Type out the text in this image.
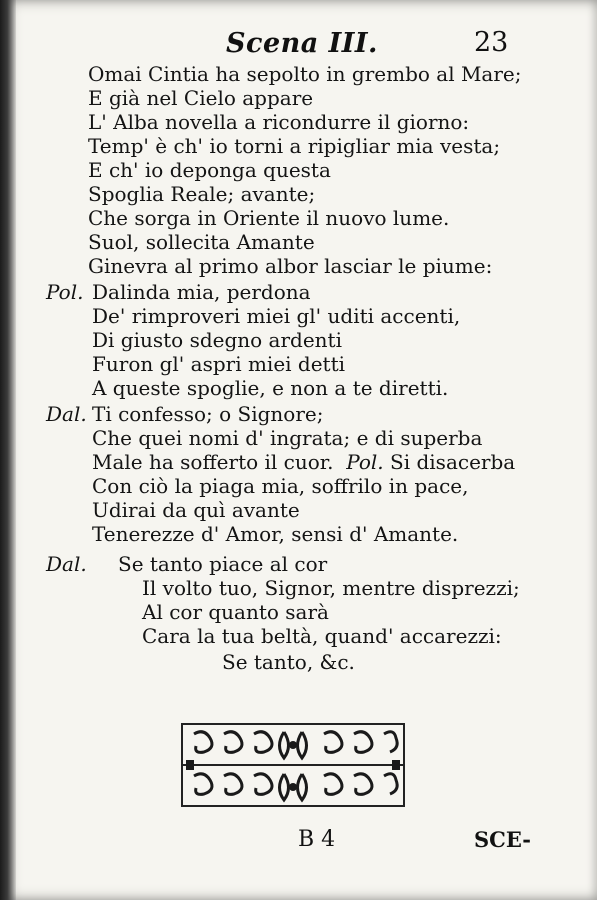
Scena III.	23
Omai Cintia ha sepolto in grembo al Mare;
E già nel Cielo appare
L' Alba novella a ricondurre il giorno:
Temp' è ch' io torni a ripigliar mia vesta;
E ch' io deponga questa
Spoglia Reale; avante;
Che sorga in Oriente il nuovo lume.
Suol, sollecita Amante
Ginevra al primo albor lasciar le piume:
Pol. Dalinda mia, perdona
De' rimproveri miei gl' uditi accenti,
Di giusto sdegno ardenti
Furon gl' aspri miei detti
A queste spoglie, e non a te diretti.
Dal. Ti confesso; o Signore;
Che quei nomi d' ingrata; e di superba
Male ha sofferto il cuor. Pol. Si disacerba
Con ciò la piaga mia, soffrilo in pace,
Udirai da quì avante
Tenerezze d' Amor, sensi d' Amante.
Dal. Se tanto piace al cor
Il volto tuo, Signor, mentre disprezzi;
Al cor quanto sarà
Cara la tua beltà, quand' accarezzi:
Se tanto, &c.
B 4	SCE-
